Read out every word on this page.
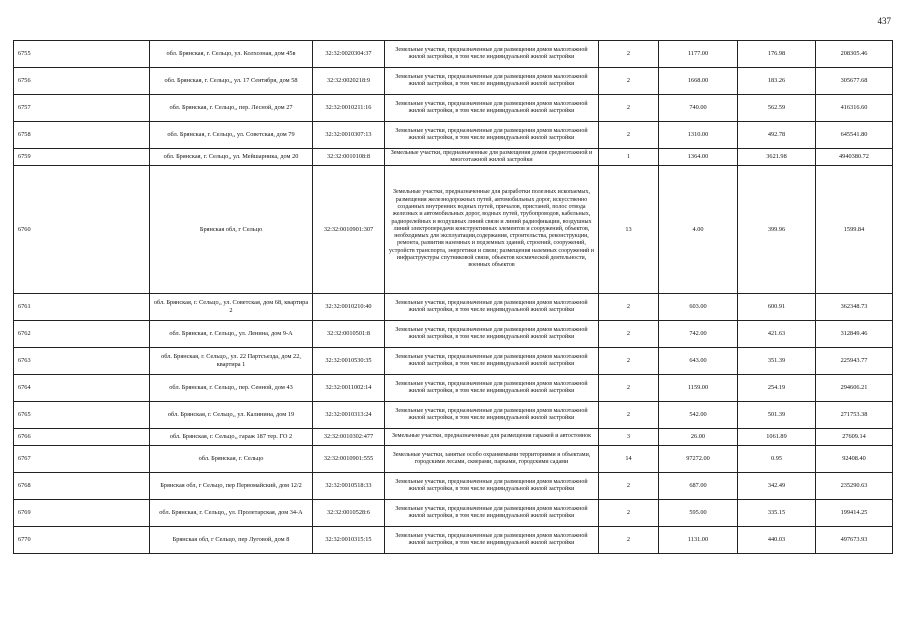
437
6755	обл. Брянская, г. Сельцо, ул. Колхозная, дом 45в	32:32:0020304:37	Земельные участки, предназначенные для размещения домов малоэтажной жилой застройки, в том числе индивидуальной жилой застройки	2	1177.00	176.98	208305.46
6756	обл. Брянская, г. Сельцо,, ул. 17 Сентября, дом 58	32:32:0020218:9	Земельные участки, предназначенные для размещения домов малоэтажной жилой застройки, в том числе индивидуальной жилой застройки	2	1668.00	183.26	305677.68
6757	обл. Брянская, г. Сельцо,, пер. Лесной, дом 27	32:32:0010211:16	Земельные участки, предназначенные для размещения домов малоэтажной жилой застройки, в том числе индивидуальной жилой застройки	2	740.00	562.59	416316.60
6758	обл. Брянская, г. Сельцо,, ул. Советская, дом 79	32:32:0010307:13	Земельные участки, предназначенные для размещения домов малоэтажной жилой застройки, в том числе индивидуальной жилой застройки	2	1310.00	492.78	645541.80
6759	обл. Брянская, г. Сельцо,, ул. Мейшарника, дом 20	32:32:0010108:8	Земельные участки, предназначенные для размещения домов среднеэтажной и многоэтажной жилой застройки	1	1364.00	3621.98	4940380.72
6760	Брянская обл, г Сельцо	32:32:0010901:307	Земельные участки, предназначенные для разработки полезных ископаемых, размещения железнодорожных путей, автомобильных дорог, искусственно созданных внутренних водных путей, причалов, пристаней, полос отвода железных и автомобильных дорог, водных путей, трубопроводов, кабельных, радиорелейных и воздушных линий связи и линий радиофикации, воздушных линий электропередачи конструктивных элементов и сооружений, объектов, необходимых для эксплуатации,содержания, строительства, реконструкции, ремонта, развития наземных и подземных зданий, строений, сооружений, устройств транспорта, энергетики и связи; размещения наземных сооружений и инфраструктуры спутниковой связи, объектов космической деятельности, военных объектов	13	4.00	399.96	1599.84
6761	обл. Брянская, г. Сельцо,, ул. Советская, дом 68, квартира 2	32:32:0010210:40	Земельные участки, предназначенные для размещения домов малоэтажной жилой застройки, в том числе индивидуальной жилой застройки	2	603.00	600.91	362348.73
6762	обл. Брянская, г. Сельцо,, ул. Ленина, дом 9-А	32:32:0010501:8	Земельные участки, предназначенные для размещения домов малоэтажной жилой застройки, в том числе индивидуальной жилой застройки	2	742.00	421.63	312849.46
6763	обл. Брянская, г. Сельцо,, ул. 22 Партсъезда, дом 22, квартира 1	32:32:0010530:35	Земельные участки, предназначенные для размещения домов малоэтажной жилой застройки, в том числе индивидуальной жилой застройки	2	643.00	351.39	225943.77
6764	обл. Брянская, г. Сельцо,, пер. Сенной, дом 43	32:32:0011002:14	Земельные участки, предназначенные для размещения домов малоэтажной жилой застройки, в том числе индивидуальной жилой застройки	2	1159.00	254.19	294606.21
6765	обл. Брянская, г. Сельцо,, ул. Калинина, дом 19	32:32:0010313:24	Земельные участки, предназначенные для размещения домов малоэтажной жилой застройки, в том числе индивидуальной жилой застройки	2	542.00	501.39	271753.38
6766	обл. Брянская, г. Сельцо,, гараж 187 тер. ГО 2	32:32:0010302:477	Земельные участки, предназначенные для размещения гаражей и автостоянок	3	26.00	1061.89	27609.14
6767	обл. Брянская, г. Сельцо	32:32:0010901:555	Земельные участки, занятые особо охраняемыми территориями и объектами, городскими лесами, скверами, парками, городскими садами	14	97272.00	0.95	92408.40
6768	Брянская обл, г Сельцо, пер Первомайский, дом 12/2	32:32:0010518:33	Земельные участки, предназначенные для размещения домов малоэтажной жилой застройки, в том числе индивидуальной жилой застройки	2	687.00	342.49	235290.63
6769	обл. Брянская, г. Сельцо,, ул. Пролетарская, дом 34-А	32:32:0010528:6	Земельные участки, предназначенные для размещения домов малоэтажной жилой застройки, в том числе индивидуальной жилой застройки	2	595.00	335.15	199414.25
6770	Брянская обл, г Сельцо, пер Луговой, дом 8	32:32:0010315:15	Земельные участки, предназначенные для размещения домов малоэтажной жилой застройки, в том числе индивидуальной жилой застройки	2	1131.00	440.03	497673.93
